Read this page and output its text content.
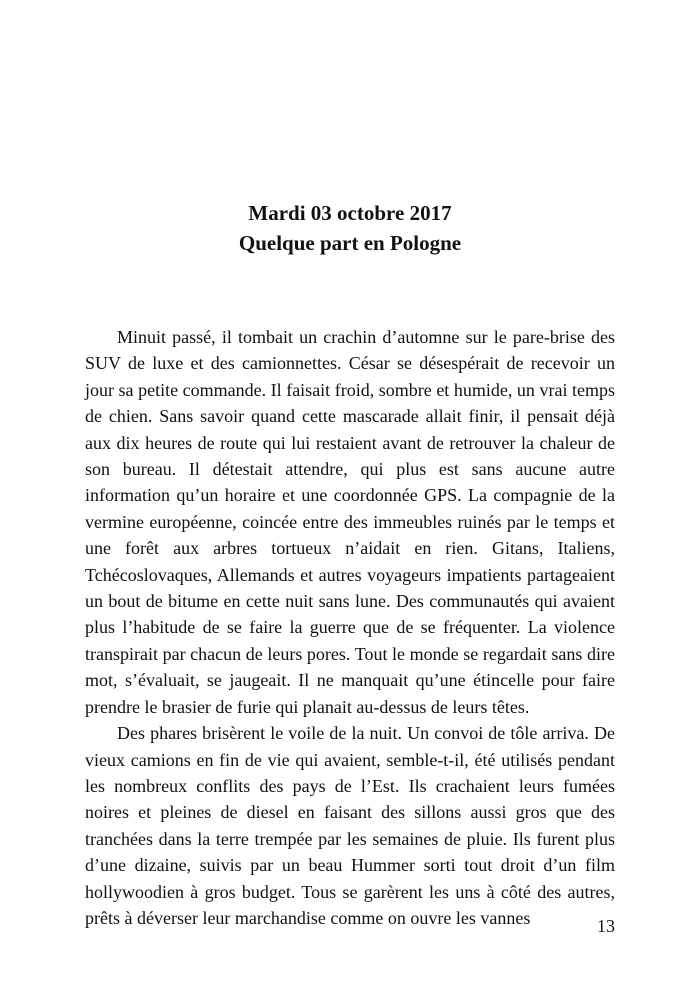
Mardi 03 octobre 2017
Quelque part en Pologne

Minuit passé, il tombait un crachin d’automne sur le pare-brise des SUV de luxe et des camionnettes. César se désespérait de recevoir un jour sa petite commande. Il faisait froid, sombre et humide, un vrai temps de chien. Sans savoir quand cette mascarade allait finir, il pensait déjà aux dix heures de route qui lui restaient avant de retrouver la chaleur de son bureau. Il détestait attendre, qui plus est sans aucune autre information qu’un horaire et une coordonnée GPS. La compagnie de la vermine européenne, coincée entre des immeubles ruinés par le temps et une forêt aux arbres tortueux n’aidait en rien. Gitans, Italiens, Tchécoslovaques, Allemands et autres voyageurs impatients partageaient un bout de bitume en cette nuit sans lune. Des communautés qui avaient plus l’habitude de se faire la guerre que de se fréquenter. La violence transpirait par chacun de leurs pores. Tout le monde se regardait sans dire mot, s’évaluait, se jaugeait. Il ne manquait qu’une étincelle pour faire prendre le brasier de furie qui planait au-dessus de leurs têtes.

Des phares brisèrent le voile de la nuit. Un convoi de tôle arriva. De vieux camions en fin de vie qui avaient, semble-t-il, été utilisés pendant les nombreux conflits des pays de l’Est. Ils crachaient leurs fumées noires et pleines de diesel en faisant des sillons aussi gros que des tranchées dans la terre trempée par les semaines de pluie. Ils furent plus d’une dizaine, suivis par un beau Hummer sorti tout droit d’un film hollywoodien à gros budget. Tous se garèrent les uns à côté des autres, prêts à déverser leur marchandise comme on ouvre les vannes	13
